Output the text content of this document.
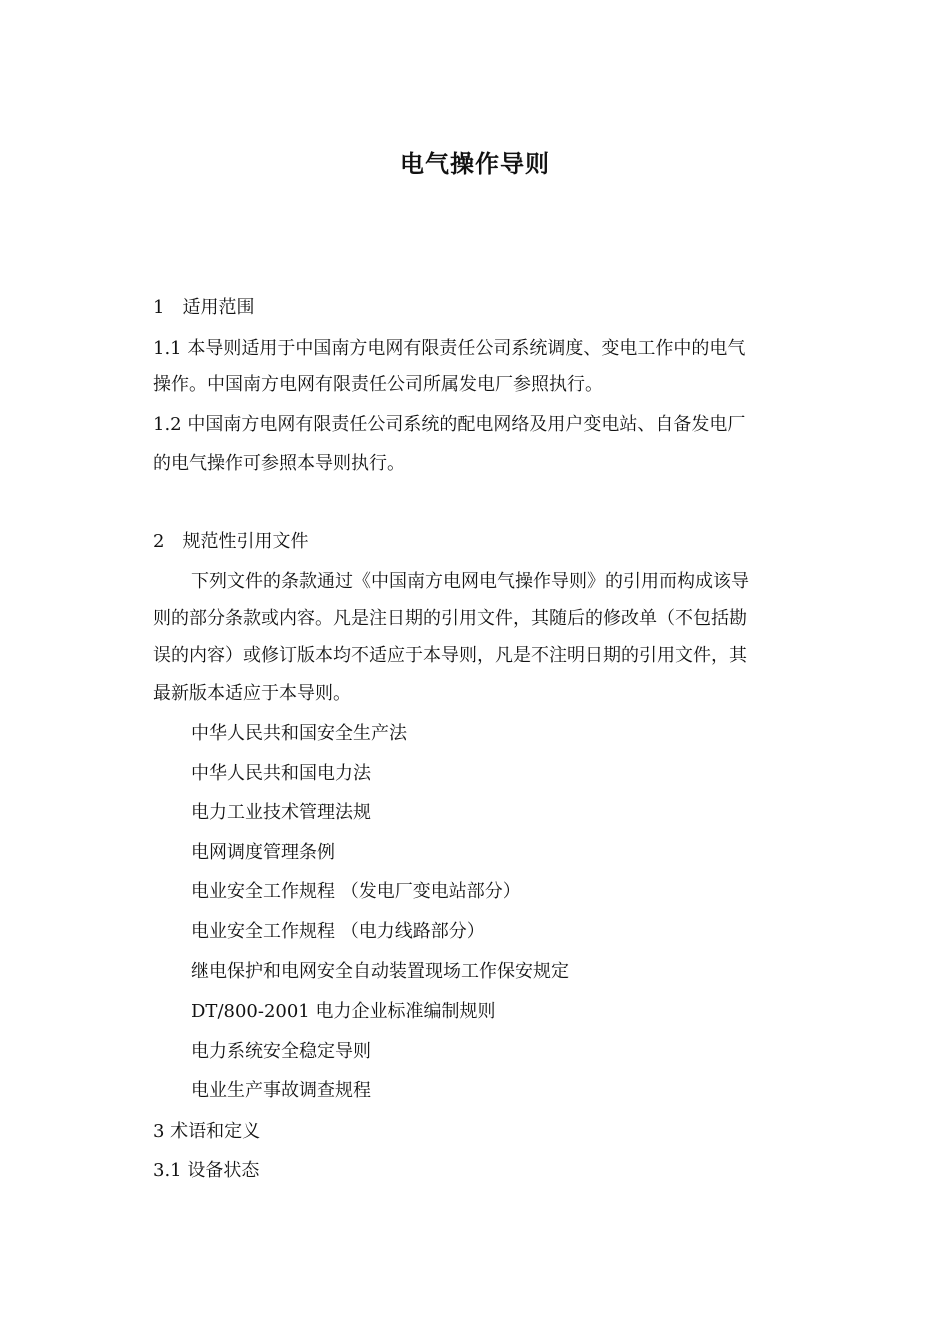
电气操作导则
1 适用范围
1.1 本导则适用于中国南方电网有限责任公司系统调度、变电工作中的电气
操作。中国南方电网有限责任公司所属发电厂参照执行。
1.2 中国南方电网有限责任公司系统的配电网络及用户变电站、自备发电厂
的电气操作可参照本导则执行。
2 规范性引用文件
下列文件的条款通过《中国南方电网电气操作导则》的引用而构成该导
则的部分条款或内容。凡是注日期的引用文件，其随后的修改单（不包括勘
误的内容）或修订版本均不适应于本导则，凡是不注明日期的引用文件，其
最新版本适应于本导则。
中华人民共和国安全生产法
中华人民共和国电力法
电力工业技术管理法规
电网调度管理条例
电业安全工作规程 （发电厂变电站部分）
电业安全工作规程 （电力线路部分）
继电保护和电网安全自动装置现场工作保安规定
DT/800-2001 电力企业标准编制规则
电力系统安全稳定导则
电业生产事故调查规程
3 术语和定义
3.1 设备状态
